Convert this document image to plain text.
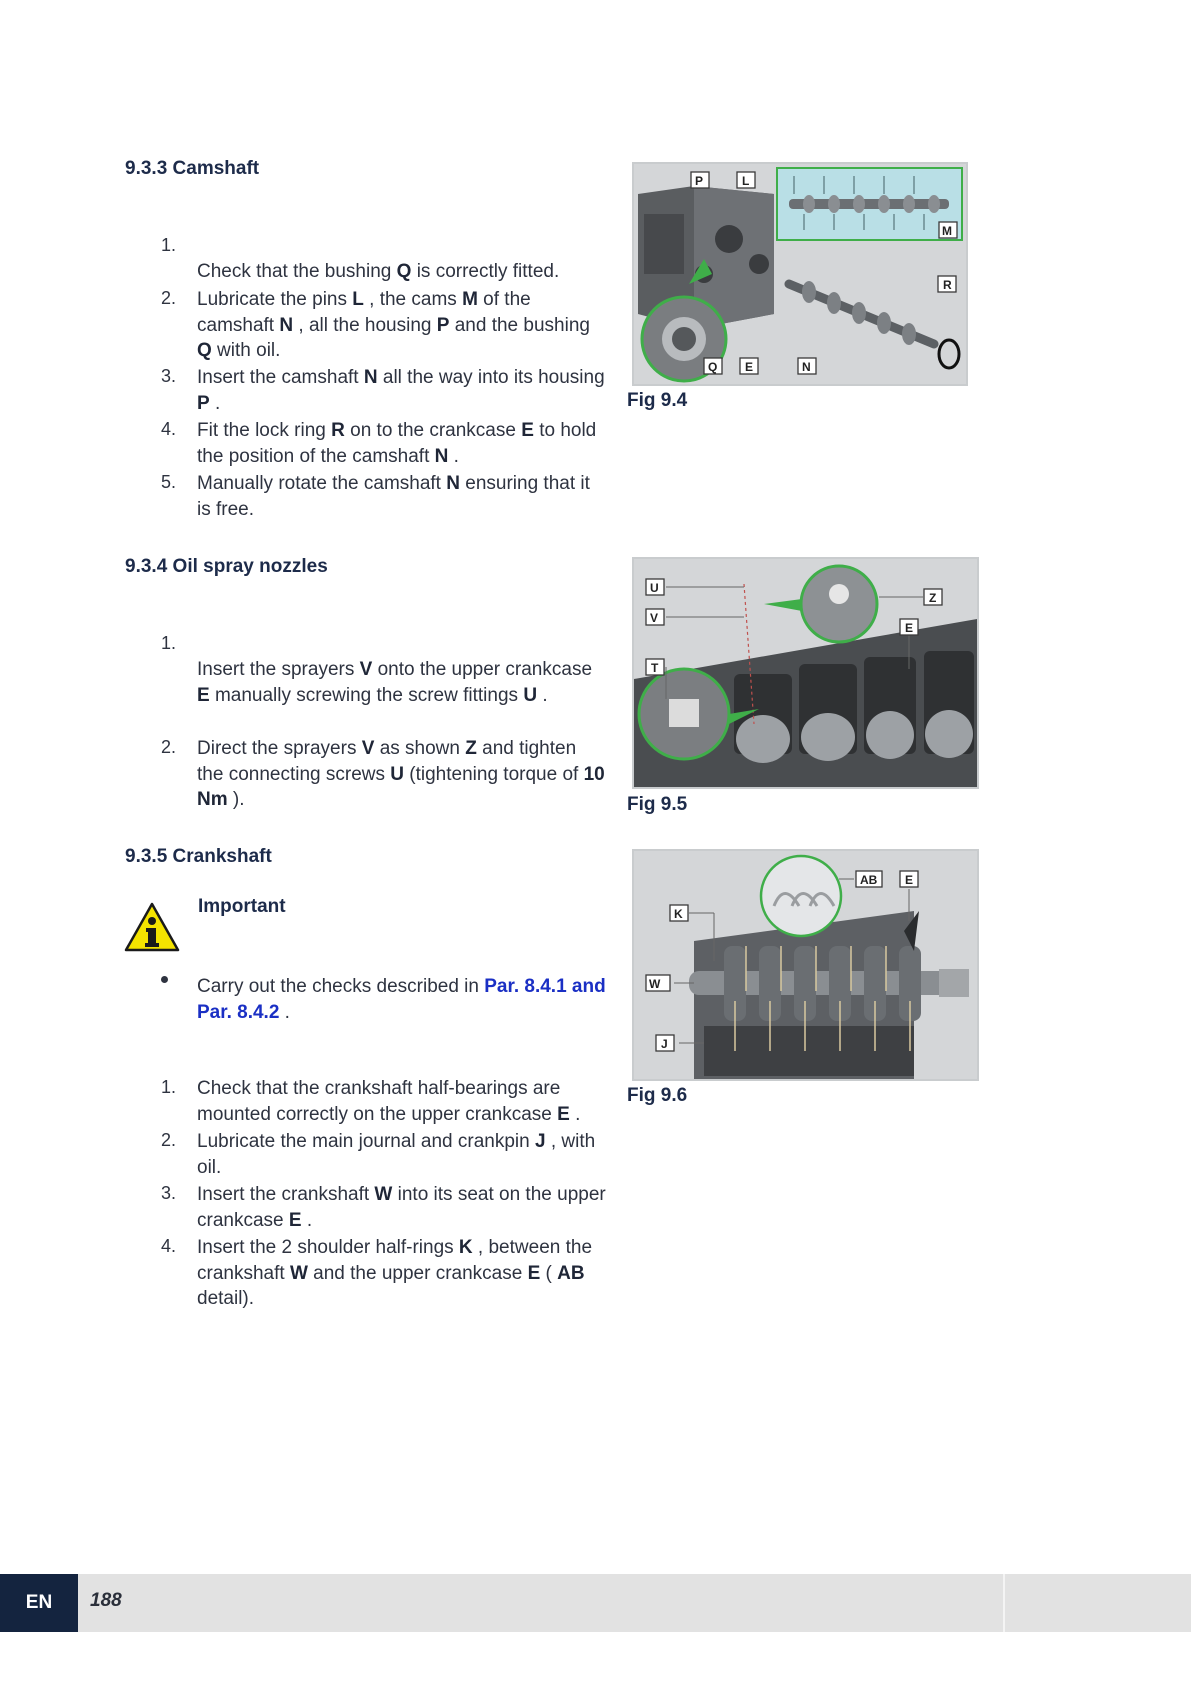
9.3.3 Camshaft
1.
Check that the bushing Q is correctly fitted.
2. Lubricate the pins L , the cams M of the camshaft N , all the housing P and the bushing Q with oil.
3. Insert the camshaft N all the way into its housing P .
4. Fit the lock ring R on to the crankcase E to hold the position of the camshaft N .
5. Manually rotate the camshaft N ensuring that it is free.
P	L
M
R
Q E	N
Fig 9.4
9.3.4 Oil spray nozzles
1.
Insert the sprayers V onto the upper crankcase E manually screwing the screw fittings U .
2. Direct the sprayers V as shown Z and tighten the connecting screws U (tightening torque of 10 Nm ).
U
V
T
Z
E
Fig 9.5
9.3.5 Crankshaft
Important
Carry out the checks described in Par. 8.4.1 and Par. 8.4.2 .
1. Check that the crankshaft half-bearings are mounted correctly on the upper crankcase E .
2. Lubricate the main journal and crankpin J , with oil.
3. Insert the crankshaft W into its seat on the upper crankcase E .
4. Insert the 2 shoulder half-rings K , between the crankshaft W and the upper crankcase E ( AB detail).
AB E
K
W
J
Fig 9.6
EN	188
